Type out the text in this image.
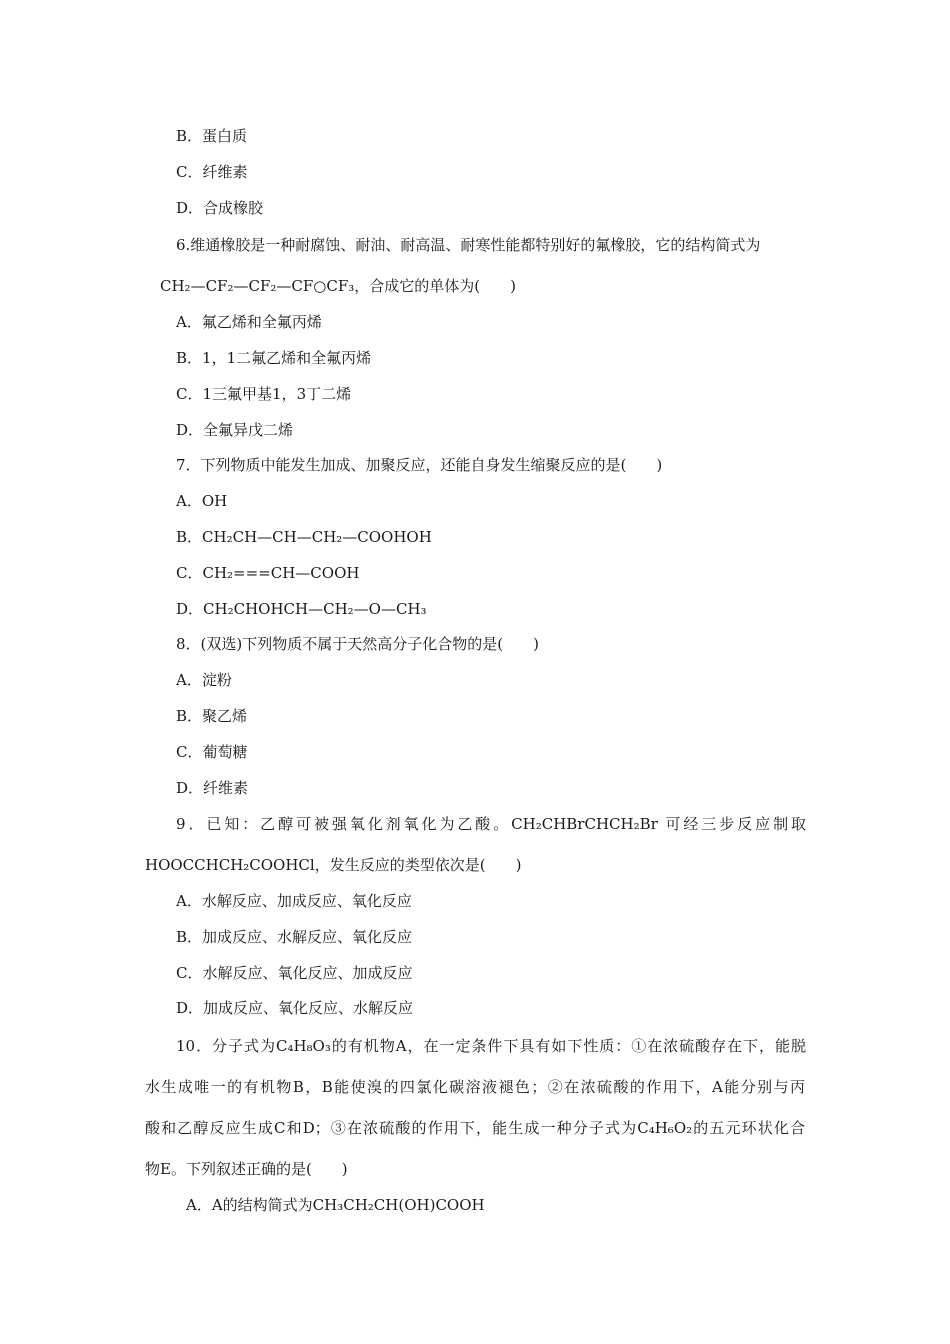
B．蛋白质
C．纤维素
D．合成橡胶
6.维通橡胶是一种耐腐蚀、耐油、耐高温、耐寒性能都特别好的氟橡胶，它的结构简式为
CH₂—CF₂—CF₂—CF○CF₃，合成它的单体为(　　)
A．氟乙烯和全氟丙烯
B．1，1二氟乙烯和全氟丙烯
C．1三氟甲基1，3丁二烯
D．全氟异戊二烯
7．下列物质中能发生加成、加聚反应，还能自身发生缩聚反应的是(　　)
A．OH
B．CH₂CH—CH—CH₂—COOHOH
C．CH₂===CH—COOH
D．CH₂CHOHCH—CH₂—O—CH₃
8．(双选)下列物质不属于天然高分子化合物的是(　　)
A．淀粉
B．聚乙烯
C．葡萄糖
D．纤维素
9．已知：乙醇可被强氧化剂氧化为乙酸。CH₂CHBrCHCH₂Br 可经三步反应制取
HOOCCHCH₂COOHCl，发生反应的类型依次是(　　)
A．水解反应、加成反应、氧化反应
B．加成反应、水解反应、氧化反应
C．水解反应、氧化反应、加成反应
D．加成反应、氧化反应、水解反应
10．分子式为C₄H₈O₃的有机物A，在一定条件下具有如下性质：①在浓硫酸存在下，能脱
水生成唯一的有机物B，B能使溴的四氯化碳溶液褪色；②在浓硫酸的作用下，A能分别与丙
酸和乙醇反应生成C和D；③在浓硫酸的作用下，能生成一种分子式为C₄H₆O₂的五元环状化合
物E。下列叙述正确的是(　　)
A．A的结构简式为CH₃CH₂CH(OH)COOH
